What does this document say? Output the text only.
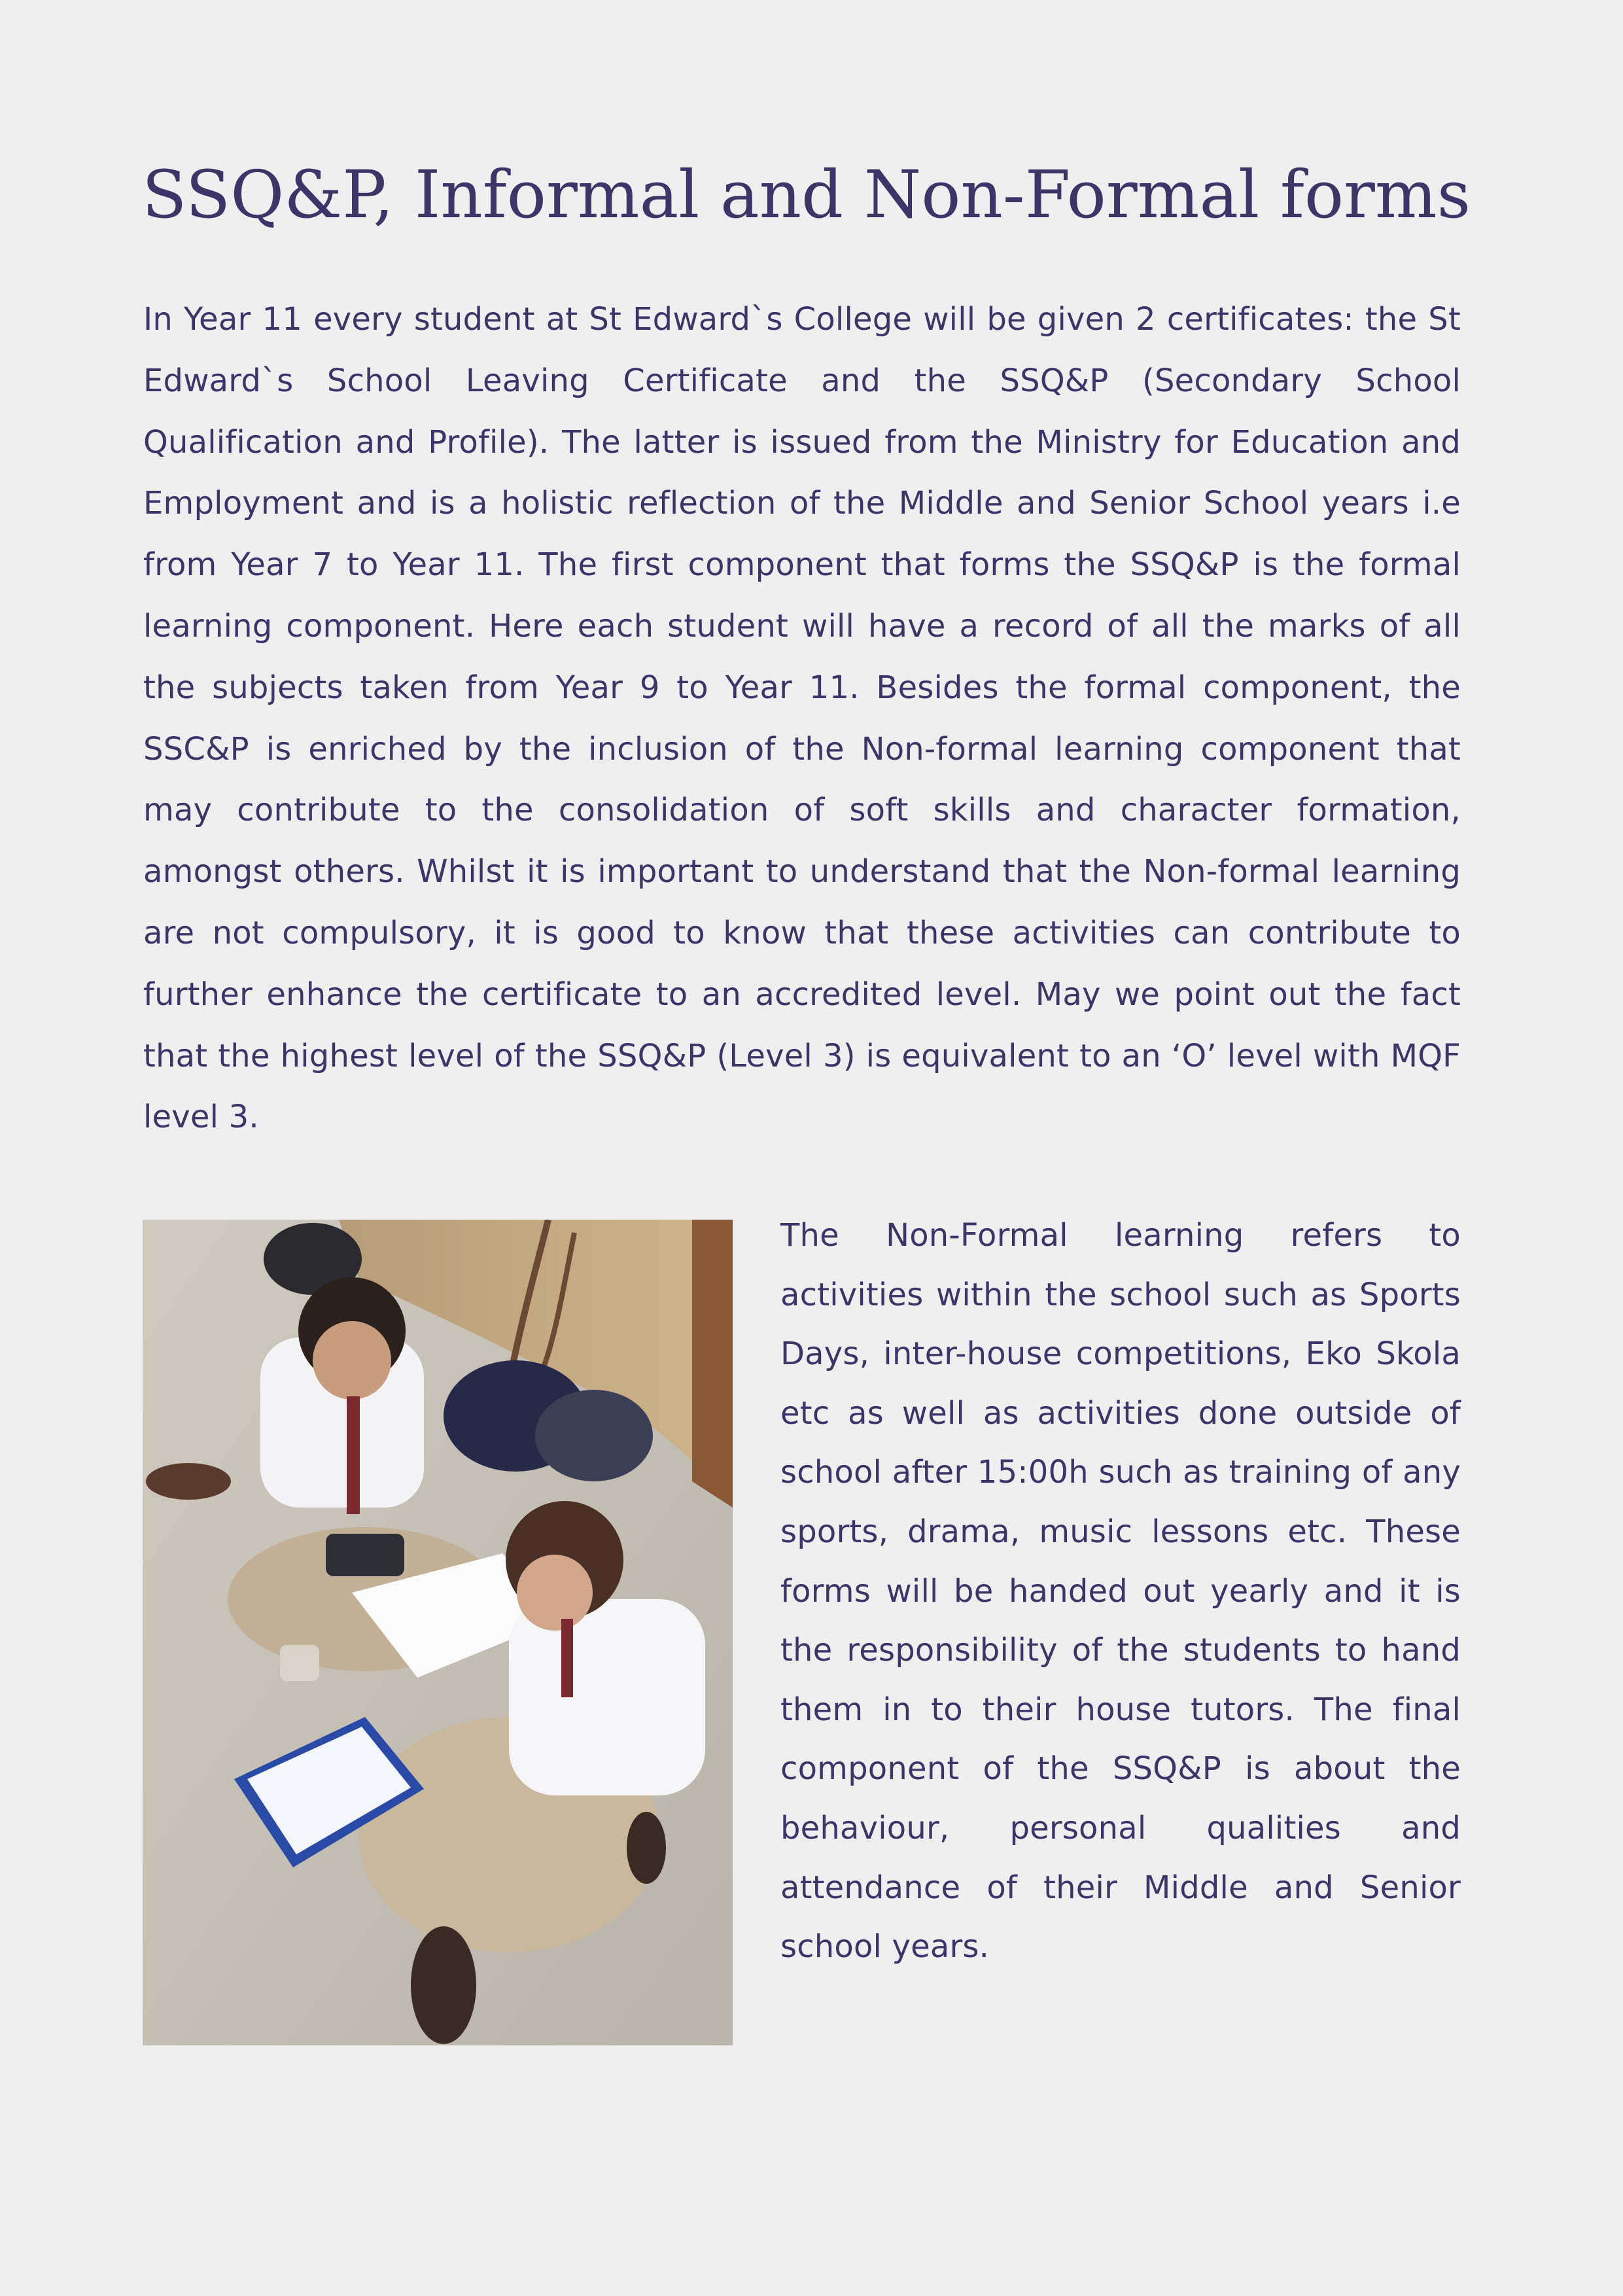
SSQ&P, Informal and Non-Formal forms

In Year 11 every student at St Edward`s College will be given 2 certificates: the St Edward`s School Leaving Certificate and the SSQ&P (Secondary School Qualification and Profile). The latter is issued from the Ministry for Education and Employment and is a holistic reflection of the Middle and Senior School years i.e from Year 7 to Year 11. The first component that forms the SSQ&P is the formal learning component. Here each student will have a record of all the marks of all the subjects taken from Year 9 to Year 11. Besides the formal component, the SSC&P is enriched by the inclusion of the Non-formal learning component that may contribute to the consolidation of soft skills and character formation, amongst others. Whilst it is important to understand that the Non-formal learning are not compulsory, it is good to know that these activities can contribute to further enhance the certificate to an accredited level. May we point out the fact that the highest level of the SSQ&P (Level 3) is equivalent to an ‘O’ level with MQF level 3.

The Non-Formal learning refers to activities within the school such as Sports Days, inter-house competitions, Eko Skola etc as well as activities done outside of school after 15:00h such as training of any sports, drama, music lessons etc. These forms will be handed out yearly and it is the responsibility of the students to hand them in to their house tutors. The final component of the SSQ&P is about the behaviour, personal qualities and attendance of their Middle and Senior school years.
